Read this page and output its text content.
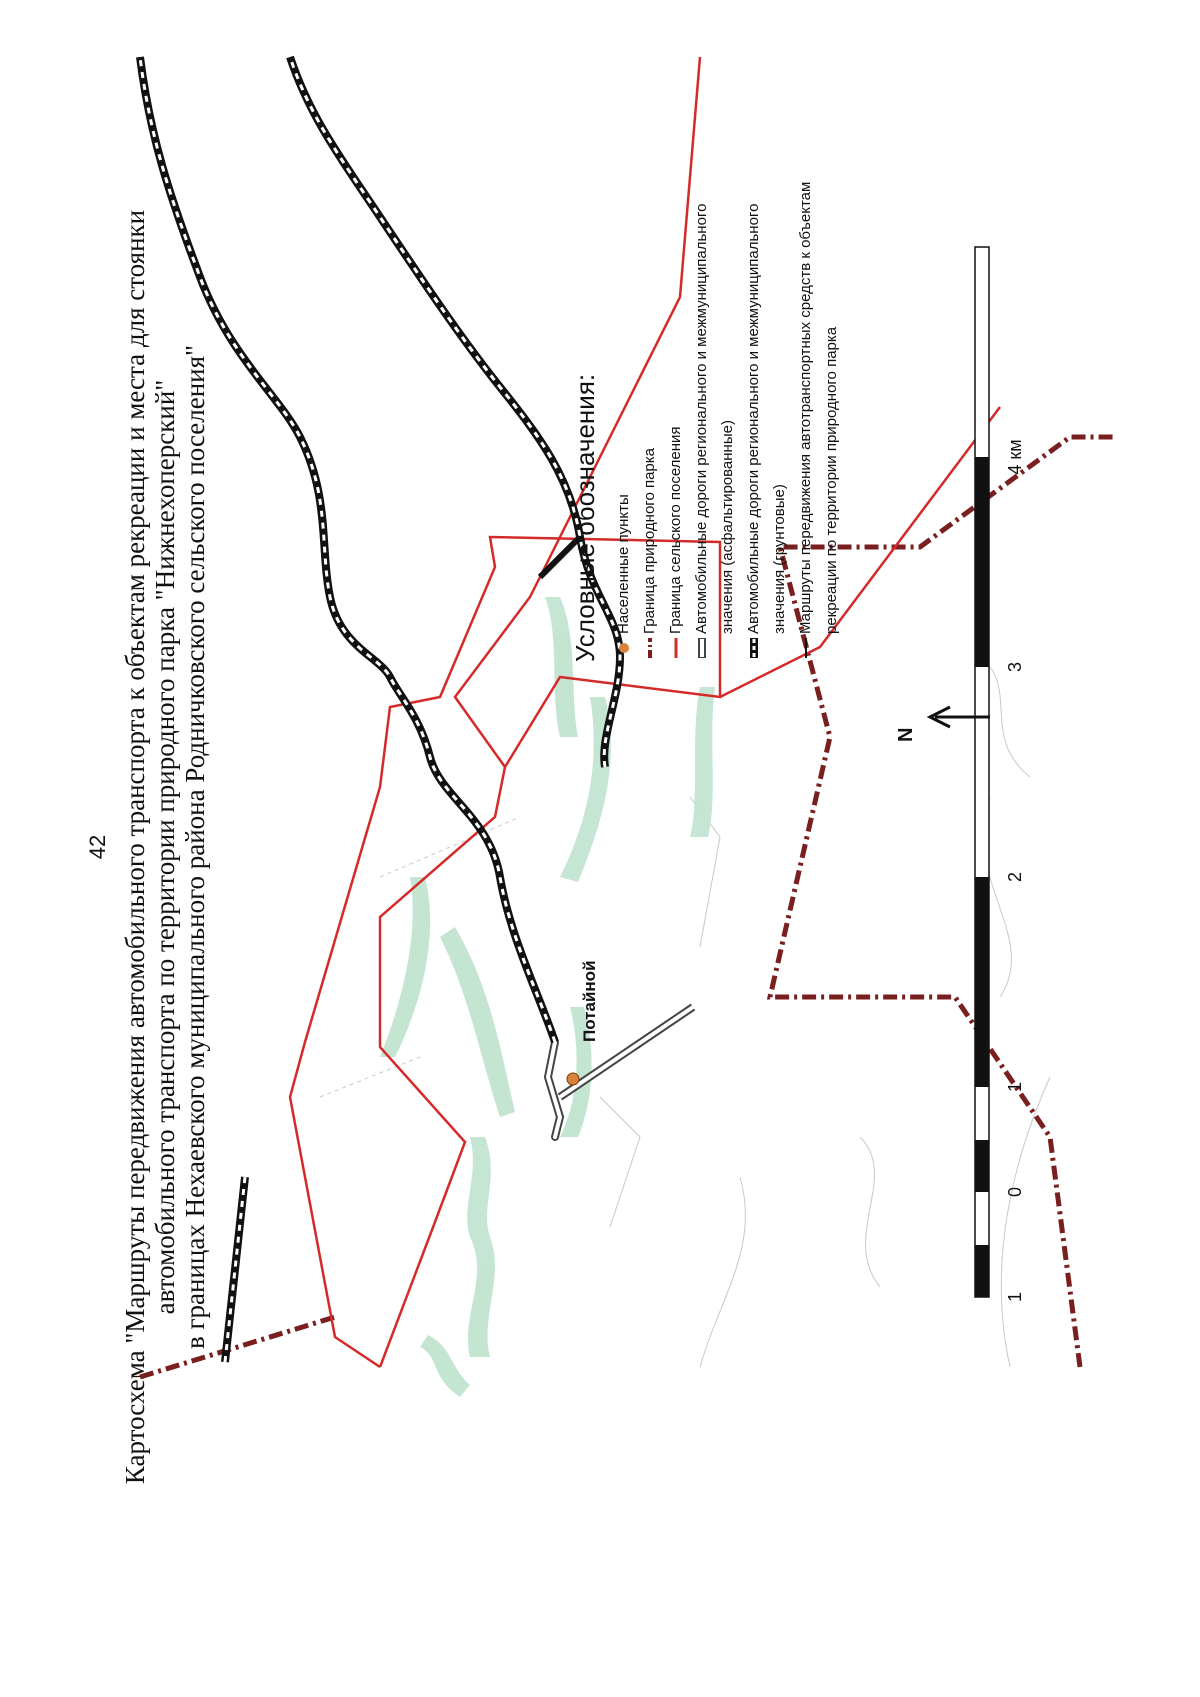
42 Картосхема "Маршруты передвижения автомобильного транспорта к объектам рекреации и места для стоянки автомобильного транспорта по территории природного парка "Нижнехоперский" в границах Нехаевского муниципального района Родничковского сельского поселения"	Потайной
N
1
0
1
2
3
4 км
Условные обозначения: Населенные пункты Граница природного парка Граница сельского поселения Автомобильные дороги регионального и межмуниципального значения (асфальтированные) Автомобильные дороги регионального и межмуниципального значения (грунтовые) Маршруты передвижения автотранспортных средств к объектам рекреации по территории природного парка
